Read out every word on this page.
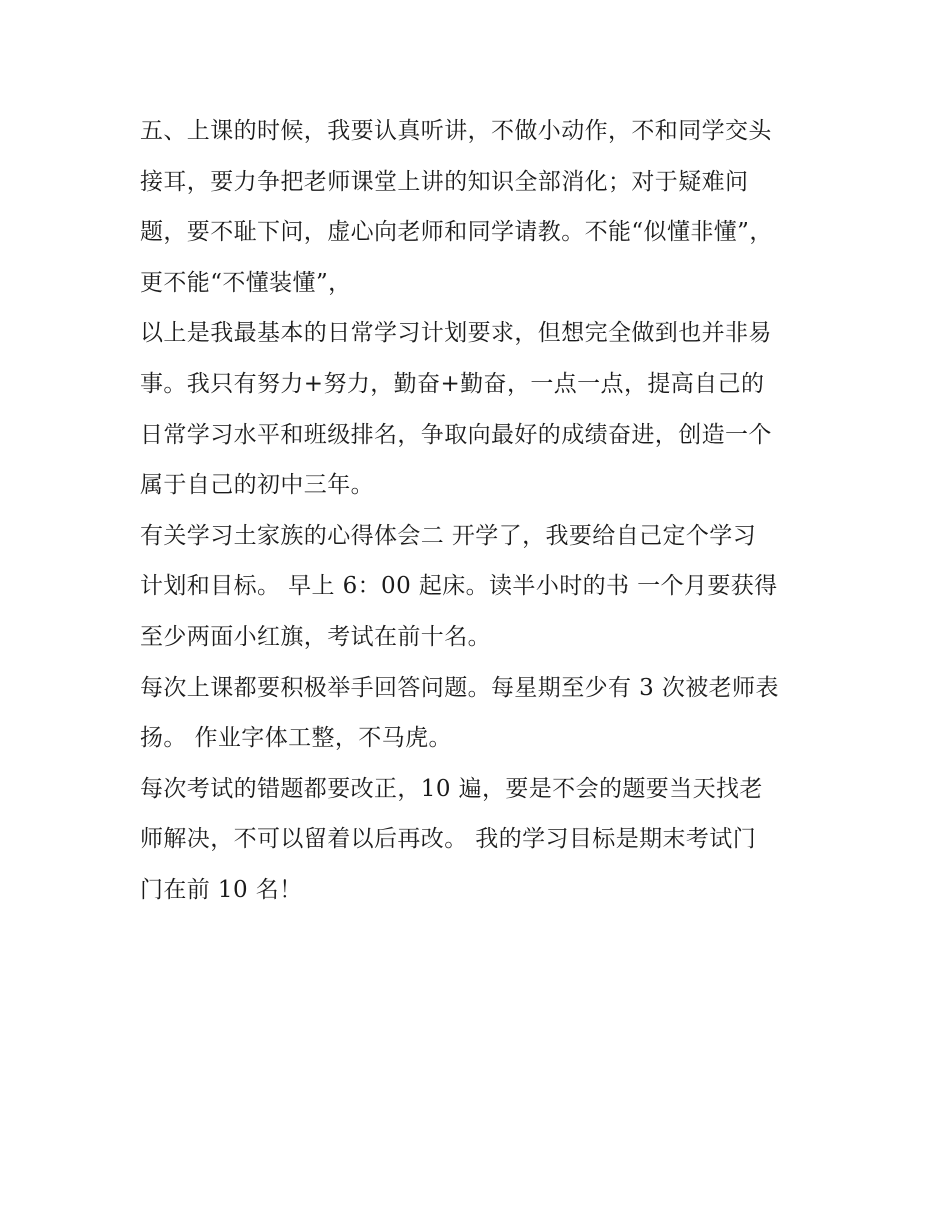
五、上课的时候，我要认真听讲，不做小动作，不和同学交头
接耳，要力争把老师课堂上讲的知识全部消化；对于疑难问
题，要不耻下问，虚心向老师和同学请教。不能“似懂非懂”，
更不能“不懂装懂”，
以上是我最基本的日常学习计划要求，但想完全做到也并非易
事。我只有努力+努力，勤奋+勤奋，一点一点，提高自己的
日常学习水平和班级排名，争取向最好的成绩奋进，创造一个
属于自己的初中三年。
有关学习土家族的心得体会二 开学了，我要给自己定个学习
计划和目标。 早上 6：00 起床。读半小时的书 一个月要获得
至少两面小红旗，考试在前十名。
每次上课都要积极举手回答问题。每星期至少有 3 次被老师表
扬。 作业字体工整，不马虎。
每次考试的错题都要改正，10 遍，要是不会的题要当天找老
师解决，不可以留着以后再改。 我的学习目标是期末考试门
门在前 10 名！
